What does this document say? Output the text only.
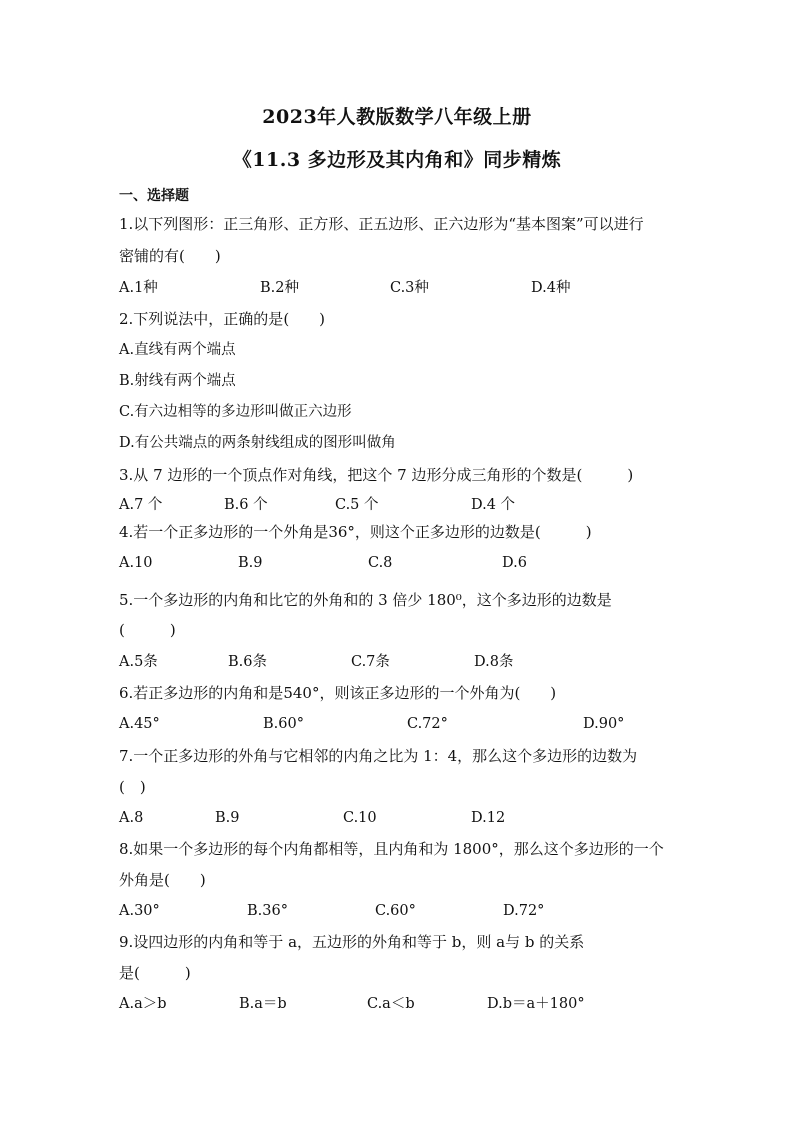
2023年人教版数学八年级上册
《11.3 多边形及其内角和》同步精炼
一、选择题
1.以下列图形：正三角形、正方形、正五边形、正六边形为“基本图案”可以进行
密铺的有(　　)
A.1种	B.2种	C.3种	D.4种
2.下列说法中，正确的是(　　)
A.直线有两个端点
B.射线有两个端点
C.有六边相等的多边形叫做正六边形
D.有公共端点的两条射线组成的图形叫做角
3.从 7 边形的一个顶点作对角线，把这个 7 边形分成三角形的个数是(　　　)
A.7 个	B.6 个	C.5 个	D.4 个
4.若一个正多边形的一个外角是36°，则这个正多边形的边数是(　　　)
A.10	B.9	C.8	D.6
5.一个多边形的内角和比它的外角和的 3 倍少 180⁰，这个多边形的边数是
(　　　)
A.5条	B.6条	C.7条	D.8条
6.若正多边形的内角和是540°，则该正多边形的一个外角为(　　)
A.45°	B.60°	C.72°	D.90°
7.一个正多边形的外角与它相邻的内角之比为 1：4，那么这个多边形的边数为
(　)
A.8	B.9	C.10	D.12
8.如果一个多边形的每个内角都相等，且内角和为 1800°，那么这个多边形的一个
外角是(　　)
A.30°	B.36°	C.60°	D.72°
9.设四边形的内角和等于 a，五边形的外角和等于 b，则 a与 b 的关系
是(　　　)
A.a＞b	B.a＝b	C.a＜b	D.b＝a＋180°
